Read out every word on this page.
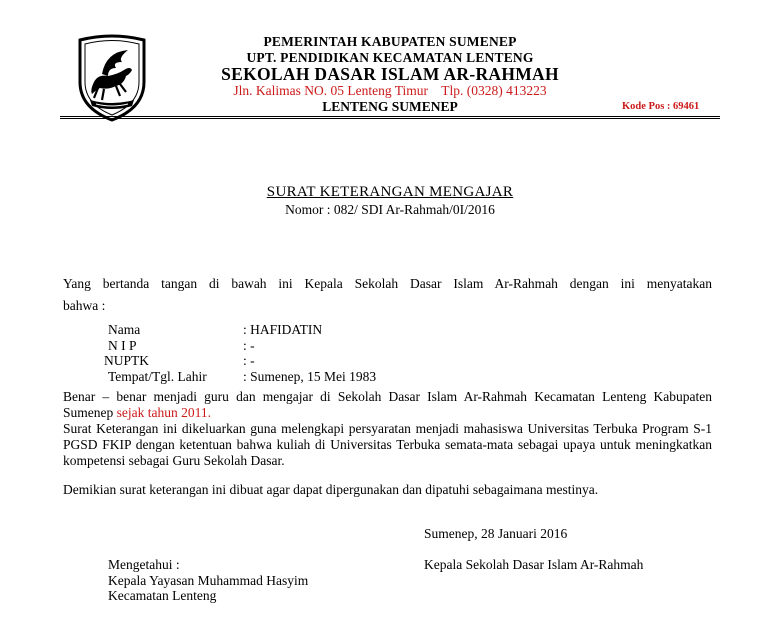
PEMERINTAH KABUPATEN SUMENEP
UPT. PENDIDIKAN KECAMATAN LENTENG
SEKOLAH DASAR ISLAM AR-RAHMAH
Jln. Kalimas NO. 05 Lenteng Timur    Tlp. (0328) 413223
LENTENG SUMENEP	Kode Pos : 69461
SURAT KETERANGAN MENGAJAR
Nomor : 082/ SDI Ar-Rahmah/0I/2016
Yang bertanda tangan di bawah ini Kepala Sekolah Dasar Islam Ar-Rahmah dengan ini menyatakan
bahwa :
Nama	: HAFIDATIN
N I P	: -
NUPTK	: -
Tempat/Tgl. Lahir	: Sumenep, 15 Mei 1983
Benar – benar menjadi guru dan mengajar di Sekolah Dasar Islam Ar-Rahmah Kecamatan Lenteng Kabupaten Sumenep sejak tahun 2011.
Surat Keterangan ini dikeluarkan guna melengkapi persyaratan menjadi mahasiswa Universitas Terbuka Program S-1 PGSD FKIP dengan ketentuan bahwa kuliah di Universitas Terbuka semata-mata sebagai upaya untuk meningkatkan kompetensi sebagai Guru Sekolah Dasar.
Demikian surat keterangan ini dibuat agar dapat dipergunakan dan dipatuhi sebagaimana mestinya.
Sumenep, 28 Januari 2016
Mengetahui :
Kepala Yayasan Muhammad Hasyim
Kecamatan Lenteng
Kepala Sekolah Dasar Islam Ar-Rahmah
